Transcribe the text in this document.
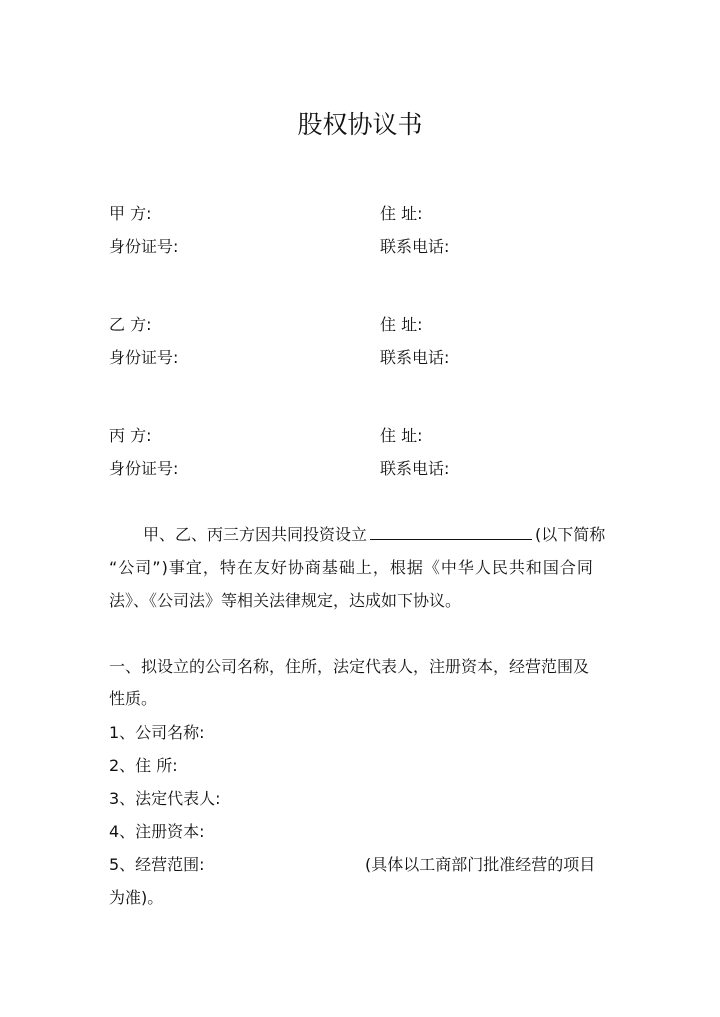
股权协议书
甲 方:	住 址:
身份证号:	联系电话:
乙 方:	住 址:
身份证号:	联系电话:
丙 方:	住 址:
身份证号:	联系电话:
甲、乙、丙三方因共同投资设立	(以下简称
“公司”)事宜，特在友好协商基础上，根据《中华人民共和国合同
法》、《公司法》等相关法律规定，达成如下协议。
一、拟设立的公司名称，住所，法定代表人，注册资本，经营范围及
性质。
1、公司名称:
2、住 所:
3、法定代表人:
4、注册资本:
5、经营范围:	(具体以工商部门批准经营的项目
为准)。
